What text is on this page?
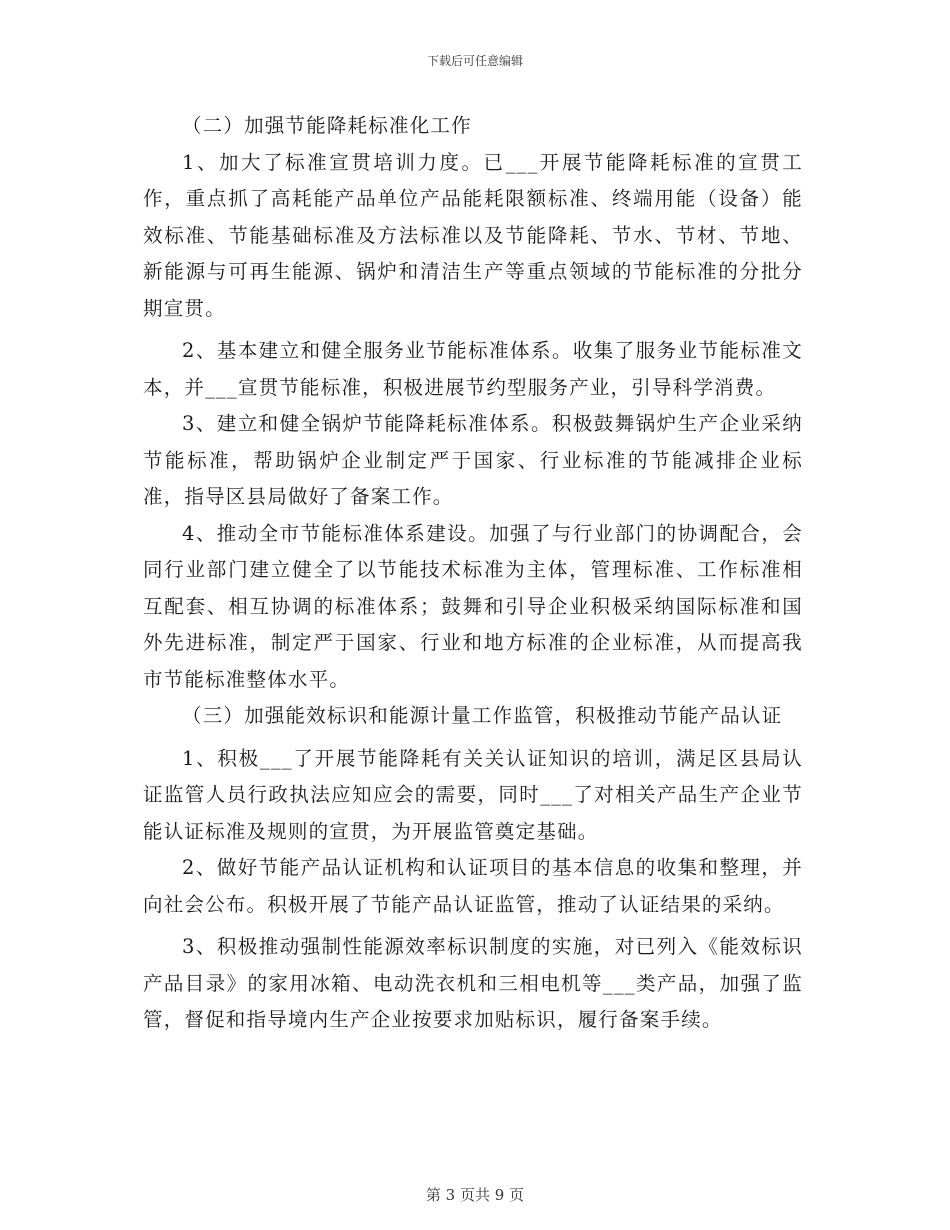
下载后可任意编辑

（二）加强节能降耗标准化工作

1、加大了标准宣贯培训力度。已___开展节能降耗标准的宣贯工作，重点抓了高耗能产品单位产品能耗限额标准、终端用能（设备）能效标准、节能基础标准及方法标准以及节能降耗、节水、节材、节地、新能源与可再生能源、锅炉和清洁生产等重点领域的节能标准的分批分期宣贯。

2、基本建立和健全服务业节能标准体系。收集了服务业节能标准文本，并___宣贯节能标准，积极进展节约型服务产业，引导科学消费。

3、建立和健全锅炉节能降耗标准体系。积极鼓舞锅炉生产企业采纳节能标准，帮助锅炉企业制定严于国家、行业标准的节能减排企业标准，指导区县局做好了备案工作。

4、推动全市节能标准体系建设。加强了与行业部门的协调配合，会同行业部门建立健全了以节能技术标准为主体，管理标准、工作标准相互配套、相互协调的标准体系；鼓舞和引导企业积极采纳国际标准和国外先进标准，制定严于国家、行业和地方标准的企业标准，从而提高我市节能标准整体水平。

（三）加强能效标识和能源计量工作监管，积极推动节能产品认证

1、积极___了开展节能降耗有关关认证知识的培训，满足区县局认证监管人员行政执法应知应会的需要，同时___了对相关产品生产企业节能认证标准及规则的宣贯，为开展监管奠定基础。

2、做好节能产品认证机构和认证项目的基本信息的收集和整理，并向社会公布。积极开展了节能产品认证监管，推动了认证结果的采纳。

3、积极推动强制性能源效率标识制度的实施，对已列入《能效标识产品目录》的家用冰箱、电动洗衣机和三相电机等___类产品，加强了监管，督促和指导境内生产企业按要求加贴标识，履行备案手续。

第 3 页共 9 页
